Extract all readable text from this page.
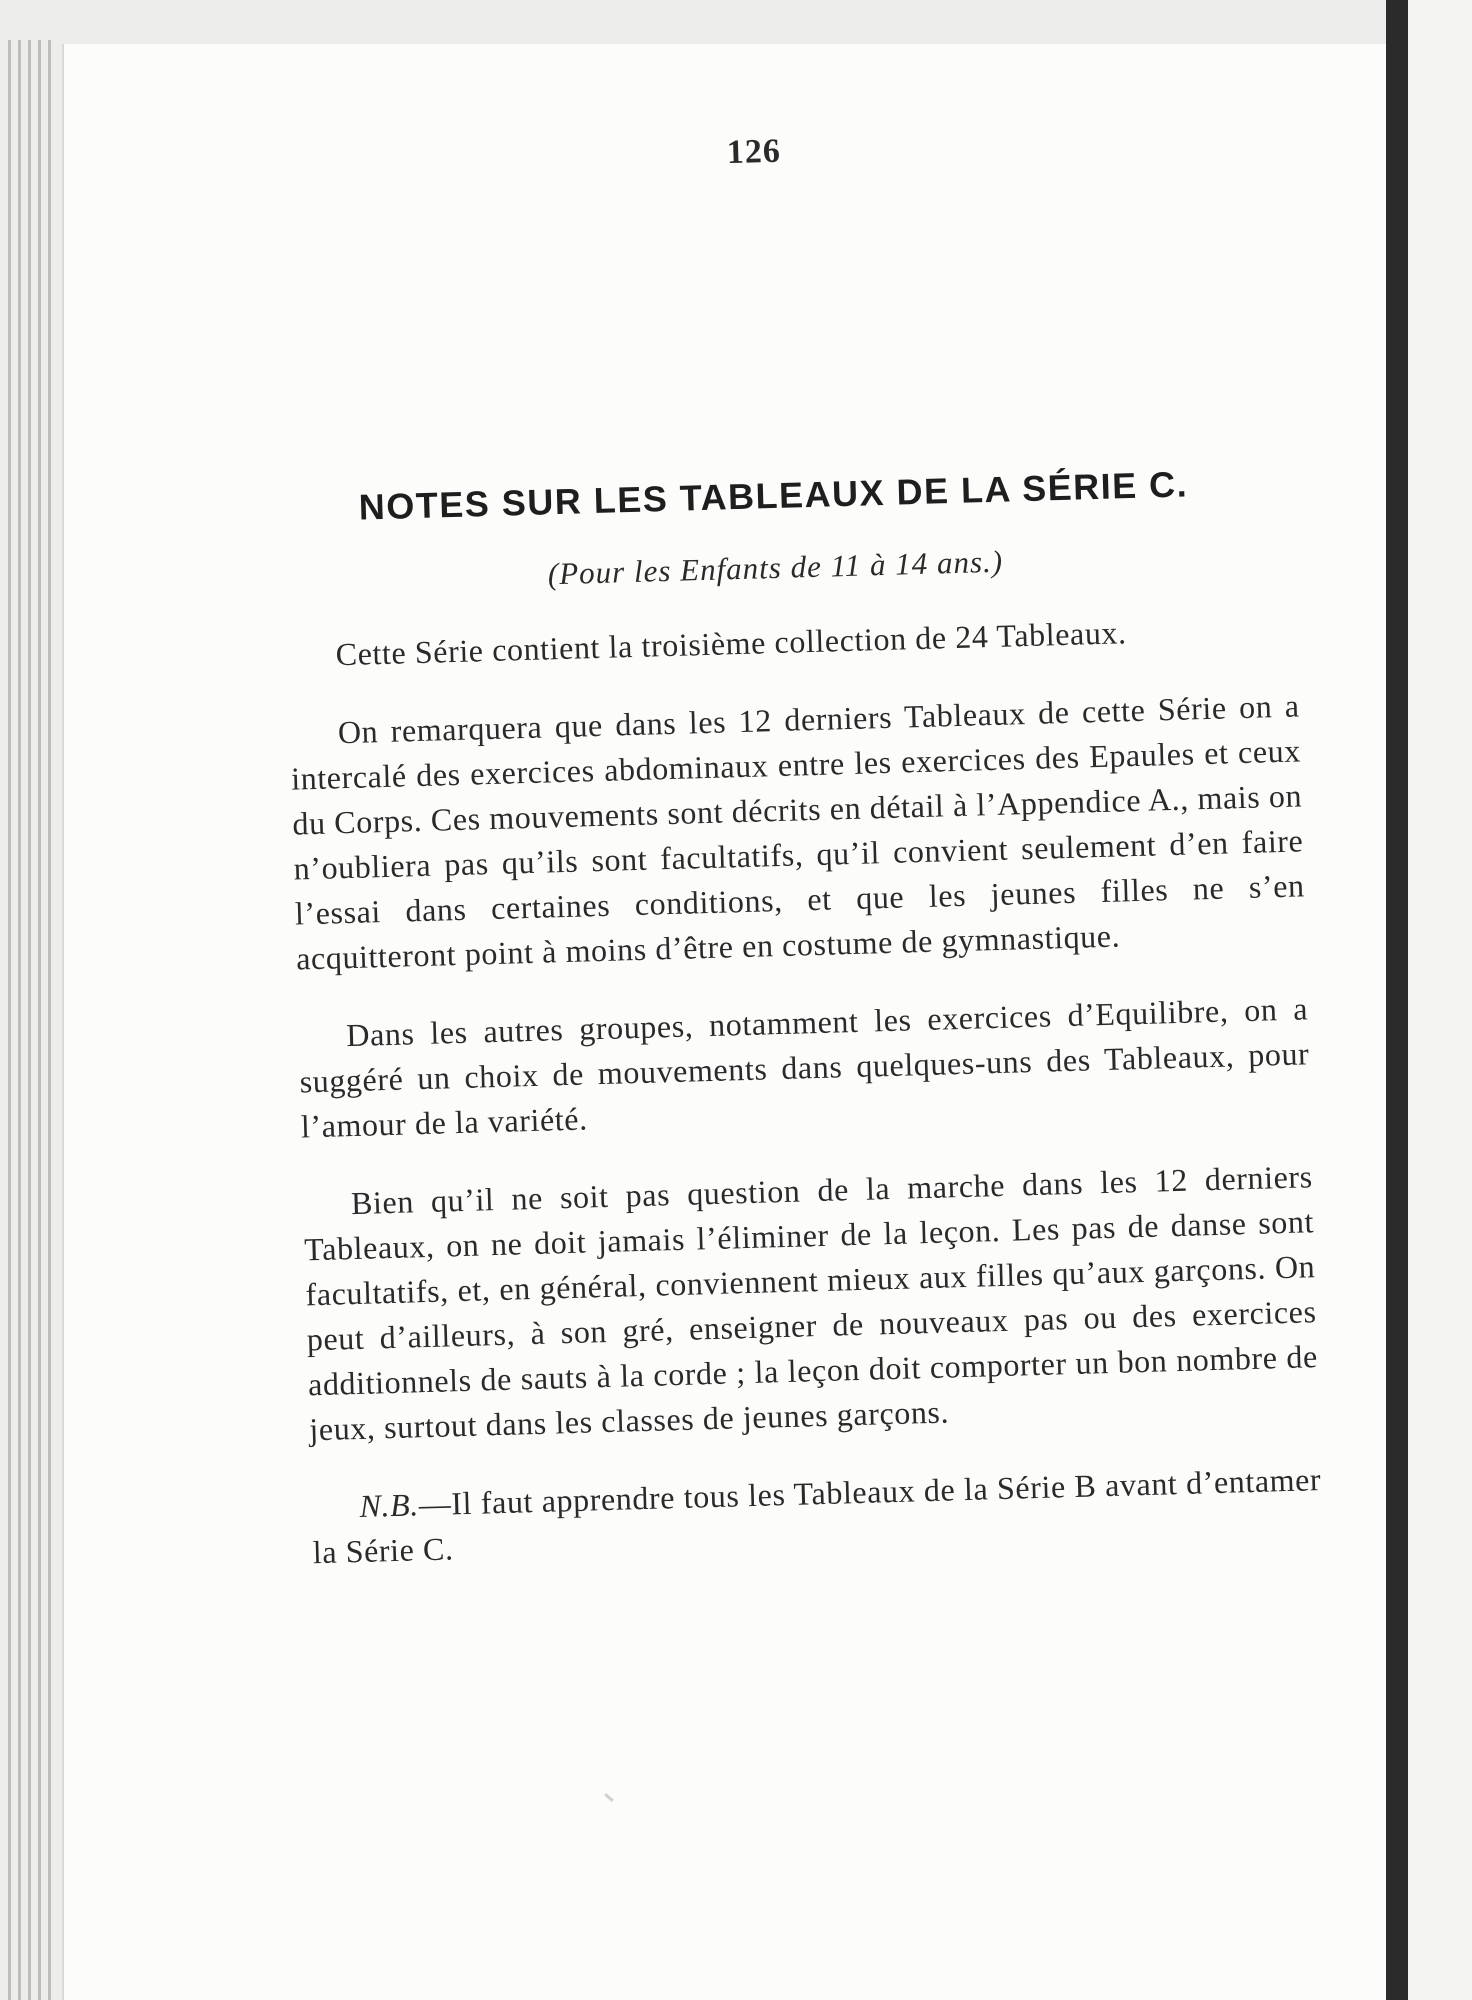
126
NOTES SUR LES TABLEAUX DE LA SÉRIE C.
(Pour les Enfants de 11 à 14 ans.)

Cette Série contient la troisième collection de 24 Tableaux.

On remarquera que dans les 12 derniers Tableaux de cette Série on a intercalé des exercices abdominaux entre les exercices des Epaules et ceux du Corps. Ces mouvements sont décrits en détail à l’Appendice A., mais on n’oubliera pas qu’ils sont facultatifs, qu’il convient seulement d’en faire l’essai dans certaines conditions, et que les jeunes filles ne s’en acquitteront point à moins d’être en costume de gymnastique.

Dans les autres groupes, notamment les exercices d’Equilibre, on a suggéré un choix de mouvements dans quelques-uns des Tableaux, pour l’amour de la variété.

Bien qu’il ne soit pas question de la marche dans les 12 derniers Tableaux, on ne doit jamais l’éliminer de la leçon. Les pas de danse sont facultatifs, et, en général, conviennent mieux aux filles qu’aux garçons. On peut d’ailleurs, à son gré, enseigner de nouveaux pas ou des exercices additionnels de sauts à la corde ; la leçon doit comporter un bon nombre de jeux, surtout dans les classes de jeunes garçons.

N.B.—Il faut apprendre tous les Tableaux de la Série B avant d’entamer la Série C.
